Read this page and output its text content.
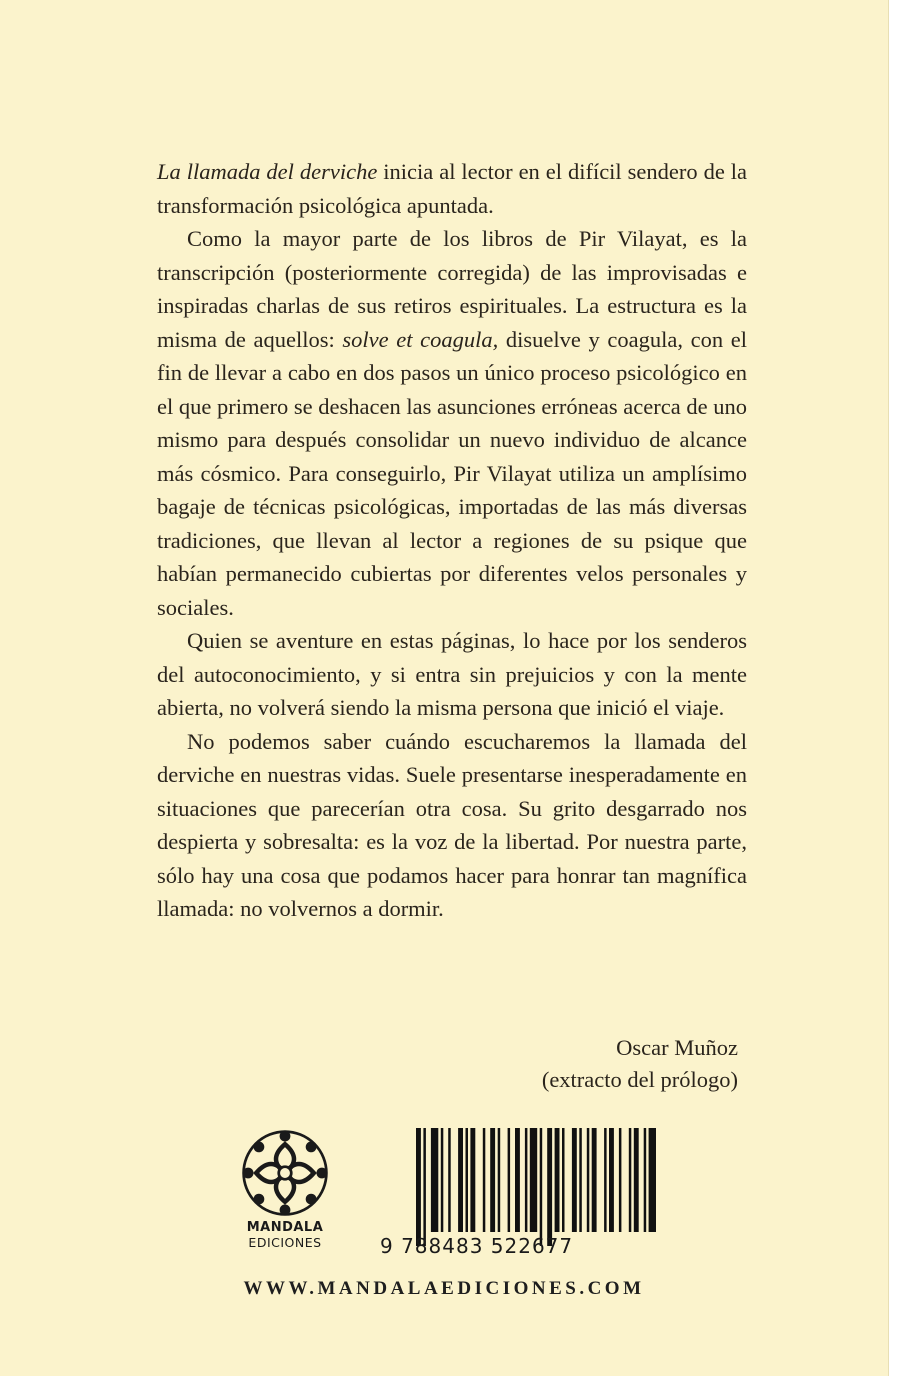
La llamada del derviche inicia al lector en el difícil sendero de la transformación psicológica apuntada.

Como la mayor parte de los libros de Pir Vilayat, es la transcripción (posteriormente corregida) de las improvisadas e inspiradas charlas de sus retiros espirituales. La estructura es la misma de aquellos: solve et coagula, disuelve y coagula, con el fin de llevar a cabo en dos pasos un único proceso psicológico en el que primero se deshacen las asunciones erróneas acerca de uno mismo para después consolidar un nuevo individuo de alcance más cósmico. Para conseguirlo, Pir Vilayat utiliza un amplísimo bagaje de técnicas psicológicas, importadas de las más diversas tradiciones, que llevan al lector a regiones de su psique que habían permanecido cubiertas por diferentes velos personales y sociales.

Quien se aventure en estas páginas, lo hace por los senderos del autoconocimiento, y si entra sin prejuicios y con la mente abierta, no volverá siendo la misma persona que inició el viaje.

No podemos saber cuándo escucharemos la llamada del derviche en nuestras vidas. Suele presentarse inesperadamente en situaciones que parecerían otra cosa. Su grito desgarrado nos despierta y sobresalta: es la voz de la libertad. Por nuestra parte, sólo hay una cosa que podamos hacer para honrar tan magnífica llamada: no volvernos a dormir.

Oscar Muñoz
(extracto del prólogo)
MANDALA
EDICIONES	9 788483 522677
WWW.MANDALAEDICIONES.COM
